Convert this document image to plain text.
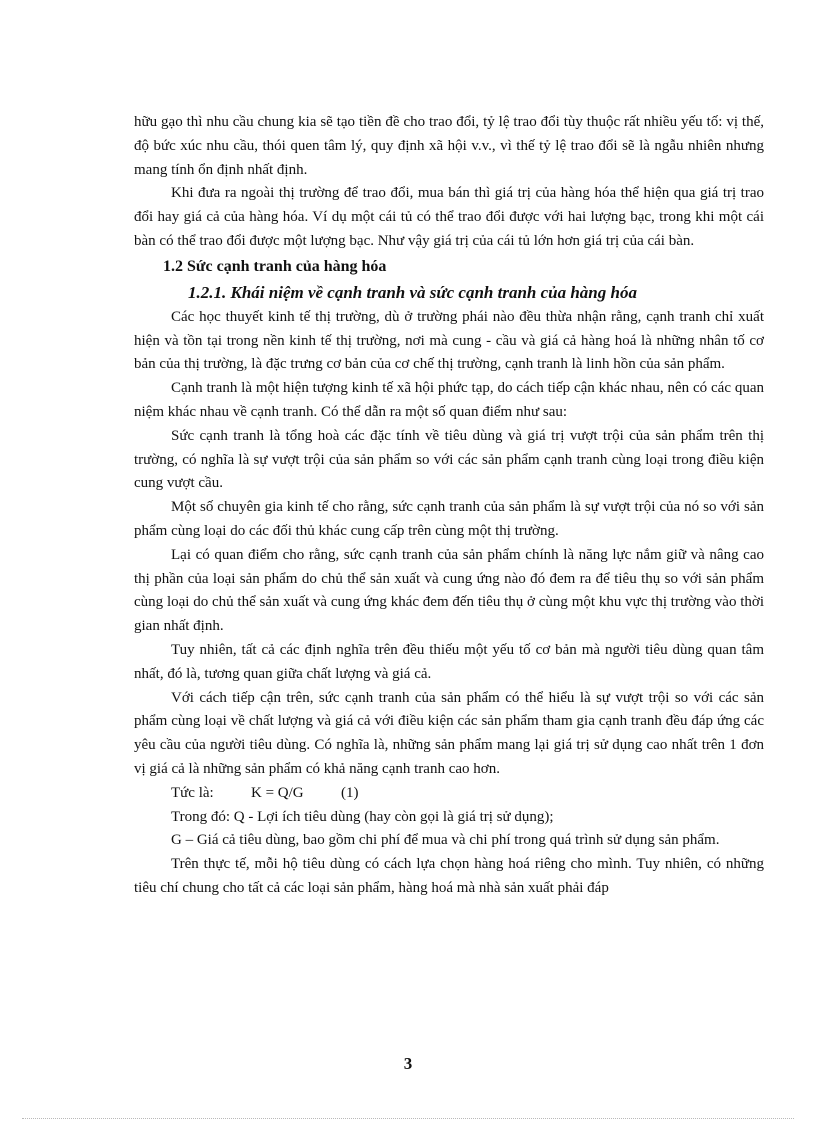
hữu gạo thì nhu cầu chung kia sẽ tạo tiền đề cho trao đổi, tỷ lệ trao đổi tùy thuộc rất nhiều yếu tố: vị thế, độ bức xúc nhu cầu, thói quen tâm lý, quy định xã hội v.v., vì thế tỷ lệ trao đổi sẽ là ngẫu nhiên nhưng mang tính ổn định nhất định.

Khi đưa ra ngoài thị trường để trao đổi, mua bán thì giá trị của hàng hóa thể hiện qua giá trị trao đổi hay giá cả của hàng hóa. Ví dụ một cái tủ có thể trao đổi được với hai lượng bạc, trong khi một cái bàn có thể trao đổi được một lượng bạc. Như vậy giá trị của cái tủ lớn hơn giá trị của cái bàn.

1.2 Sức cạnh tranh của hàng hóa
1.2.1. Khái niệm về cạnh tranh và sức cạnh tranh của hàng hóa

Các học thuyết kinh tế thị trường, dù ở trường phái nào đều thừa nhận rằng, cạnh tranh chỉ xuất hiện và tồn tại trong nền kinh tế thị trường, nơi mà cung - cầu và giá cả hàng hoá là những nhân tố cơ bản của thị trường, là đặc trưng cơ bản của cơ chế thị trường, cạnh tranh là linh hồn của sản phẩm.

Cạnh tranh là một hiện tượng kinh tế xã hội phức tạp, do cách tiếp cận khác nhau, nên có các quan niệm khác nhau về cạnh tranh. Có thể dẫn ra một số quan điểm như sau:

Sức cạnh tranh là tổng hoà các đặc tính về tiêu dùng và giá trị vượt trội của sản phẩm trên thị trường, có nghĩa là sự vượt trội của sản phẩm so với các sản phẩm cạnh tranh cùng loại trong điều kiện cung vượt cầu.

Một số chuyên gia kinh tế cho rằng, sức cạnh tranh của sản phẩm là sự vượt trội của nó so với sản phẩm cùng loại do các đối thủ khác cung cấp trên cùng một thị trường.

Lại có quan điểm cho rằng, sức cạnh tranh của sản phẩm chính là năng lực nắm giữ và nâng cao thị phần của loại sản phẩm do chủ thể sản xuất và cung ứng nào đó đem ra để tiêu thụ so với sản phẩm cùng loại do chủ thể sản xuất và cung ứng khác đem đến tiêu thụ ở cùng một khu vực thị trường vào thời gian nhất định.

Tuy nhiên, tất cả các định nghĩa trên đều thiếu một yếu tố cơ bản mà người tiêu dùng quan tâm nhất, đó là, tương quan giữa chất lượng và giá cả.

Với cách tiếp cận trên, sức cạnh tranh của sản phẩm có thể hiểu là sự vượt trội so với các sản phẩm cùng loại về chất lượng và giá cả với điều kiện các sản phẩm tham gia cạnh tranh đều đáp ứng các yêu cầu của người tiêu dùng. Có nghĩa là, những sản phẩm mang lại giá trị sử dụng cao nhất trên 1 đơn vị giá cả là những sản phẩm có khả năng cạnh tranh cao hơn.

Tức là: K = Q/G (1)

Trong đó: Q - Lợi ích tiêu dùng (hay còn gọi là giá trị sử dụng);

G – Giá cả tiêu dùng, bao gồm chi phí để mua và chi phí trong quá trình sử dụng sản phẩm.

Trên thực tế, mỗi hộ tiêu dùng có cách lựa chọn hàng hoá riêng cho mình. Tuy nhiên, có những tiêu chí chung cho tất cả các loại sản phẩm, hàng hoá mà nhà sản xuất phải đáp

3
